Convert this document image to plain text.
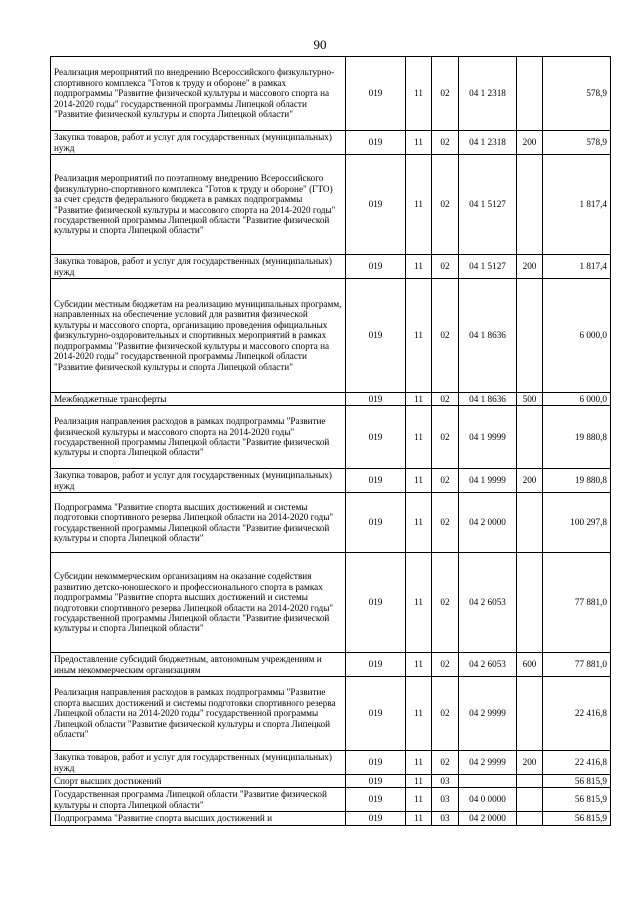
90
Реализация мероприятий по внедрению Всероссийского физкультурно-спортивного комплекса "Готов к труду и обороне" в рамках подпрограммы "Развитие физической культуры и массового спорта на 2014-2020 годы" государственной программы Липецкой области "Развитие физической культуры и спорта Липецкой области"	019	11	02	04 1 2318		578,9
Закупка товаров, работ и услуг для государственных (муниципальных) нужд	019	11	02	04 1 2318	200	578,9
Реализация мероприятий по поэтапному внедрению Всероссийского физкультурно-спортивного комплекса "Готов к труду и обороне" (ГТО) за счет средств федерального бюджета в рамках подпрограммы "Развитие физической культуры и массового спорта на 2014-2020 годы" государственной программы Липецкой области "Развитие физической культуры и спорта Липецкой области"	019	11	02	04 1 5127		1 817,4
Закупка товаров, работ и услуг для государственных (муниципальных) нужд	019	11	02	04 1 5127	200	1 817,4
Субсидии местным бюджетам на реализацию муниципальных программ, направленных на обеспечение условий для развития физической культуры и массового спорта, организацию проведения официальных физкультурно-оздоровительных и спортивных мероприятий в рамках подпрограммы "Развитие физической культуры и массового спорта на 2014-2020 годы" государственной программы Липецкой области "Развитие физической культуры и спорта Липецкой области"	019	11	02	04 1 8636		6 000,0
Межбюджетные трансферты	019	11	02	04 1 8636	500	6 000,0
Реализация направления расходов в рамках подпрограммы "Развитие физической культуры и массового спорта на 2014-2020 годы" государственной программы Липецкой области "Развитие физической культуры и спорта Липецкой области"	019	11	02	04 1 9999		19 880,8
Закупка товаров, работ и услуг для государственных (муниципальных) нужд	019	11	02	04 1 9999	200	19 880,8
Подпрограмма "Развитие спорта высших достижений и системы подготовки спортивного резерва Липецкой области на 2014-2020 годы" государственной программы Липецкой области "Развитие физической культуры и спорта Липецкой области"	019	11	02	04 2 0000		100 297,8
Субсидии некоммерческим организациям на оказание содействия развитию детско-юношеского и профессионального спорта в рамках подпрограммы "Развитие спорта высших достижений и системы подготовки спортивного резерва Липецкой области на 2014-2020 годы" государственной программы Липецкой области "Развитие физической культуры и спорта Липецкой области"	019	11	02	04 2 6053		77 881,0
Предоставление субсидий бюджетным, автономным учреждениям и иным некоммерческим организациям	019	11	02	04 2 6053	600	77 881,0
Реализация направления расходов в рамках подпрограммы "Развитие спорта высших достижений и системы подготовки спортивного резерва Липецкой области на 2014-2020 годы" государственной программы Липецкой области "Развитие физической культуры и спорта Липецкой области"	019	11	02	04 2 9999		22 416,8
Закупка товаров, работ и услуг для государственных (муниципальных) нужд	019	11	02	04 2 9999	200	22 416,8
Спорт высших достижений	019	11	03			56 815,9
Государственная программа Липецкой области "Развитие физической культуры и спорта Липецкой области"	019	11	03	04 0 0000		56 815,9
Подпрограмма "Развитие спорта высших достижений и	019	11	03	04 2 0000		56 815,9
